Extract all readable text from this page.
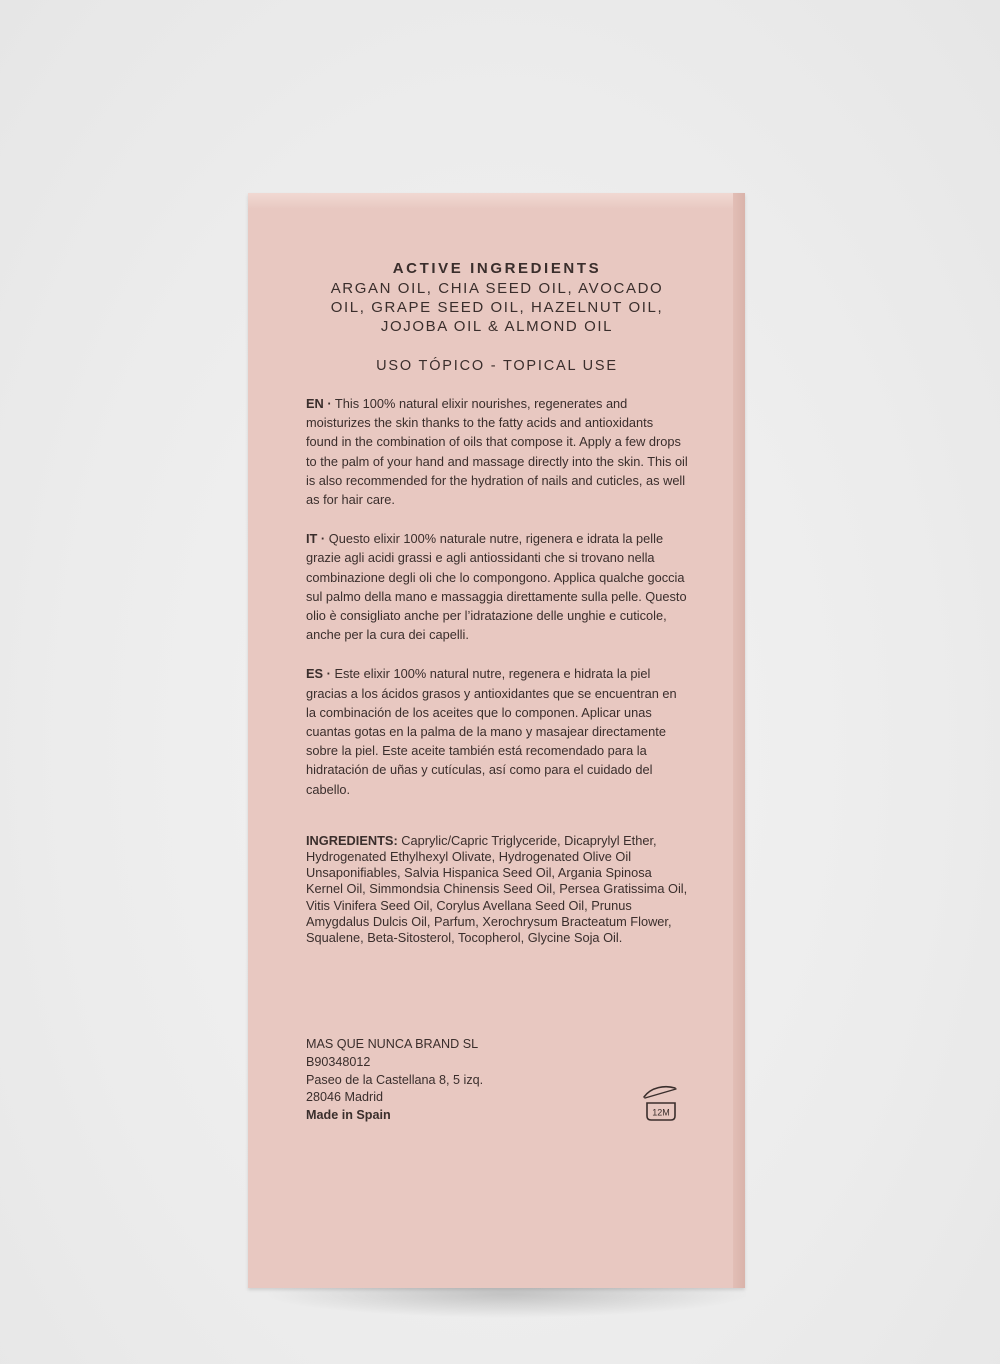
ACTIVE INGREDIENTS
ARGAN OIL, CHIA SEED OIL, AVOCADO
OIL, GRAPE SEED OIL, HAZELNUT OIL,
JOJOBA OIL & ALMOND OIL
USO TÓPICO - TOPICAL USE
EN · This 100% natural elixir nourishes, regenerates and moisturizes the skin thanks to the fatty acids and antioxidants found in the combination of oils that compose it. Apply a few drops to the palm of your hand and massage directly into the skin. This oil is also recommended for the hydration of nails and cuticles, as well as for hair care.
IT · Questo elixir 100% naturale nutre, rigenera e idrata la pelle grazie agli acidi grassi e agli antiossidanti che si trovano nella combinazione degli oli che lo compongono. Applica qualche goccia sul palmo della mano e massaggia direttamente sulla pelle. Questo olio è consigliato anche per l’idratazione delle unghie e cuticole, anche per la cura dei capelli.
ES · Este elixir 100% natural nutre, regenera e hidrata la piel gracias a los ácidos grasos y antioxidantes que se encuentran en la combinación de los aceites que lo componen. Aplicar unas cuantas gotas en la palma de la mano y masajear directamente sobre la piel. Este aceite también está recomendado para la hidratación de uñas y cutículas, así como para el cuidado del cabello.
INGREDIENTS: Caprylic/Capric Triglyceride, Dicaprylyl Ether, Hydrogenated Ethylhexyl Olivate, Hydrogenated Olive Oil Unsaponifiables, Salvia Hispanica Seed Oil, Argania Spinosa Kernel Oil, Simmondsia Chinensis Seed Oil, Persea Gratissima Oil, Vitis Vinifera Seed Oil, Corylus Avellana Seed Oil, Prunus Amygdalus Dulcis Oil, Parfum, Xerochrysum Bracteatum Flower, Squalene, Beta-Sitosterol, Tocopherol, Glycine Soja Oil.
MAS QUE NUNCA BRAND SL
B90348012
Paseo de la Castellana 8, 5 izq.
28046 Madrid
Made in Spain	12M
